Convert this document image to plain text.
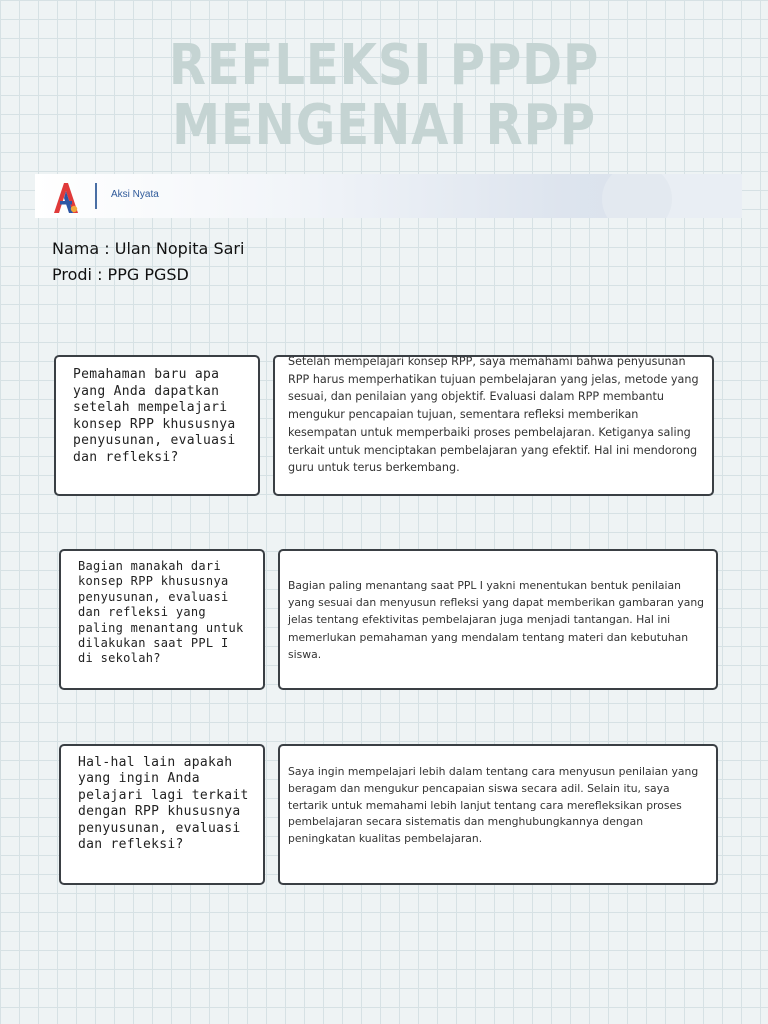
REFLEKSI PPDP
MENGENAI RPP
A
Aksi Nyata
Nama : Ulan Nopita Sari
Prodi : PPG PGSD
Pemahaman baru apa yang Anda dapatkan setelah mempelajari konsep RPP khususnya penyusunan, evaluasi dan refleksi?
Setelah mempelajari konsep RPP, saya memahami bahwa penyusunan RPP harus memperhatikan tujuan pembelajaran yang jelas, metode yang sesuai, dan penilaian yang objektif. Evaluasi dalam RPP membantu mengukur pencapaian tujuan, sementara refleksi memberikan kesempatan untuk memperbaiki proses pembelajaran. Ketiganya saling terkait untuk menciptakan pembelajaran yang efektif. Hal ini mendorong guru untuk terus berkembang.
Bagian manakah dari konsep RPP khususnya penyusunan, evaluasi dan refleksi yang paling menantang untuk dilakukan saat PPL I di sekolah?
Bagian paling menantang saat PPL I yakni menentukan bentuk penilaian yang sesuai dan menyusun refleksi yang dapat memberikan gambaran yang jelas tentang efektivitas pembelajaran juga menjadi tantangan. Hal ini memerlukan pemahaman yang mendalam tentang materi dan kebutuhan siswa.
Hal-hal lain apakah yang ingin Anda pelajari lagi terkait dengan RPP khususnya penyusunan, evaluasi dan refleksi?
Saya ingin mempelajari lebih dalam tentang cara menyusun penilaian yang beragam dan mengukur pencapaian siswa secara adil. Selain itu, saya tertarik untuk memahami lebih lanjut tentang cara merefleksikan proses pembelajaran secara sistematis dan menghubungkannya dengan peningkatan kualitas pembelajaran.
